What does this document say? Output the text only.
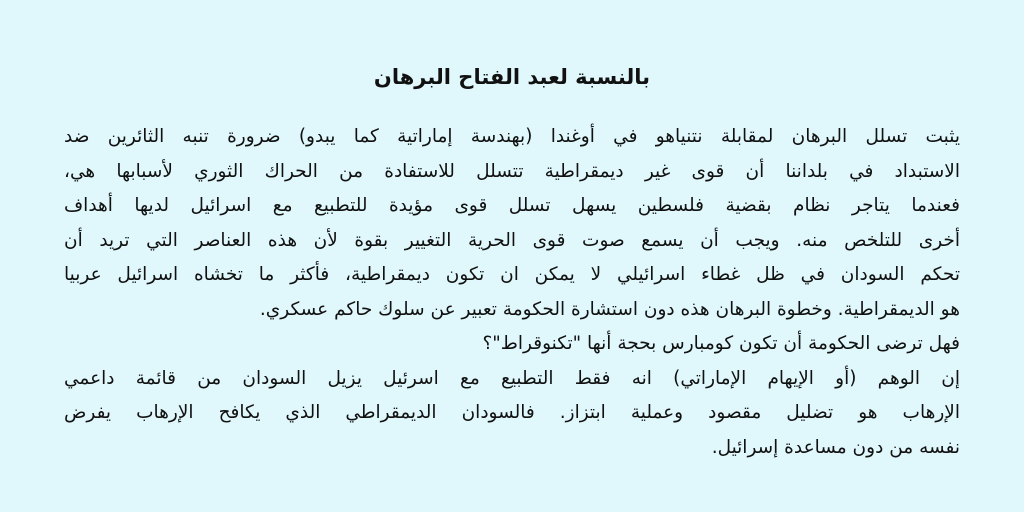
بالنسبة لعبد الفتاح البرهان
يثبت تسلل البرهان لمقابلة نتنياهو في أوغندا (بهندسة إماراتية كما يبدو) ضرورة تنبه الثائرين ضد
الاستبداد في بلداننا أن قوى غير ديمقراطية تتسلل للاستفادة من الحراك الثوري لأسبابها هي،
فعندما يتاجر نظام بقضية فلسطين يسهل تسلل قوى مؤيدة للتطبيع مع اسرائيل لديها أهداف
أخرى للتلخص منه. ويجب أن يسمع صوت قوى الحرية التغيير بقوة لأن هذه العناصر التي تريد أن
تحكم السودان في ظل غطاء اسرائيلي لا يمكن ان تكون ديمقراطية، فأكثر ما تخشاه اسرائيل عربيا
هو الديمقراطية. وخطوة البرهان هذه دون استشارة الحكومة تعبير عن سلوك حاكم عسكري.
فهل ترضى الحكومة أن تكون كومبارس بحجة أنها "تكنوقراط"؟
إن الوهم (أو الإيهام الإماراتي) انه فقط التطبيع مع اسرئيل يزيل السودان من قائمة داعمي
الإرهاب هو تضليل مقصود وعملية ابتزاز. فالسودان الديمقراطي الذي يكافح الإرهاب يفرض
نفسه من دون مساعدة إسرائيل.
